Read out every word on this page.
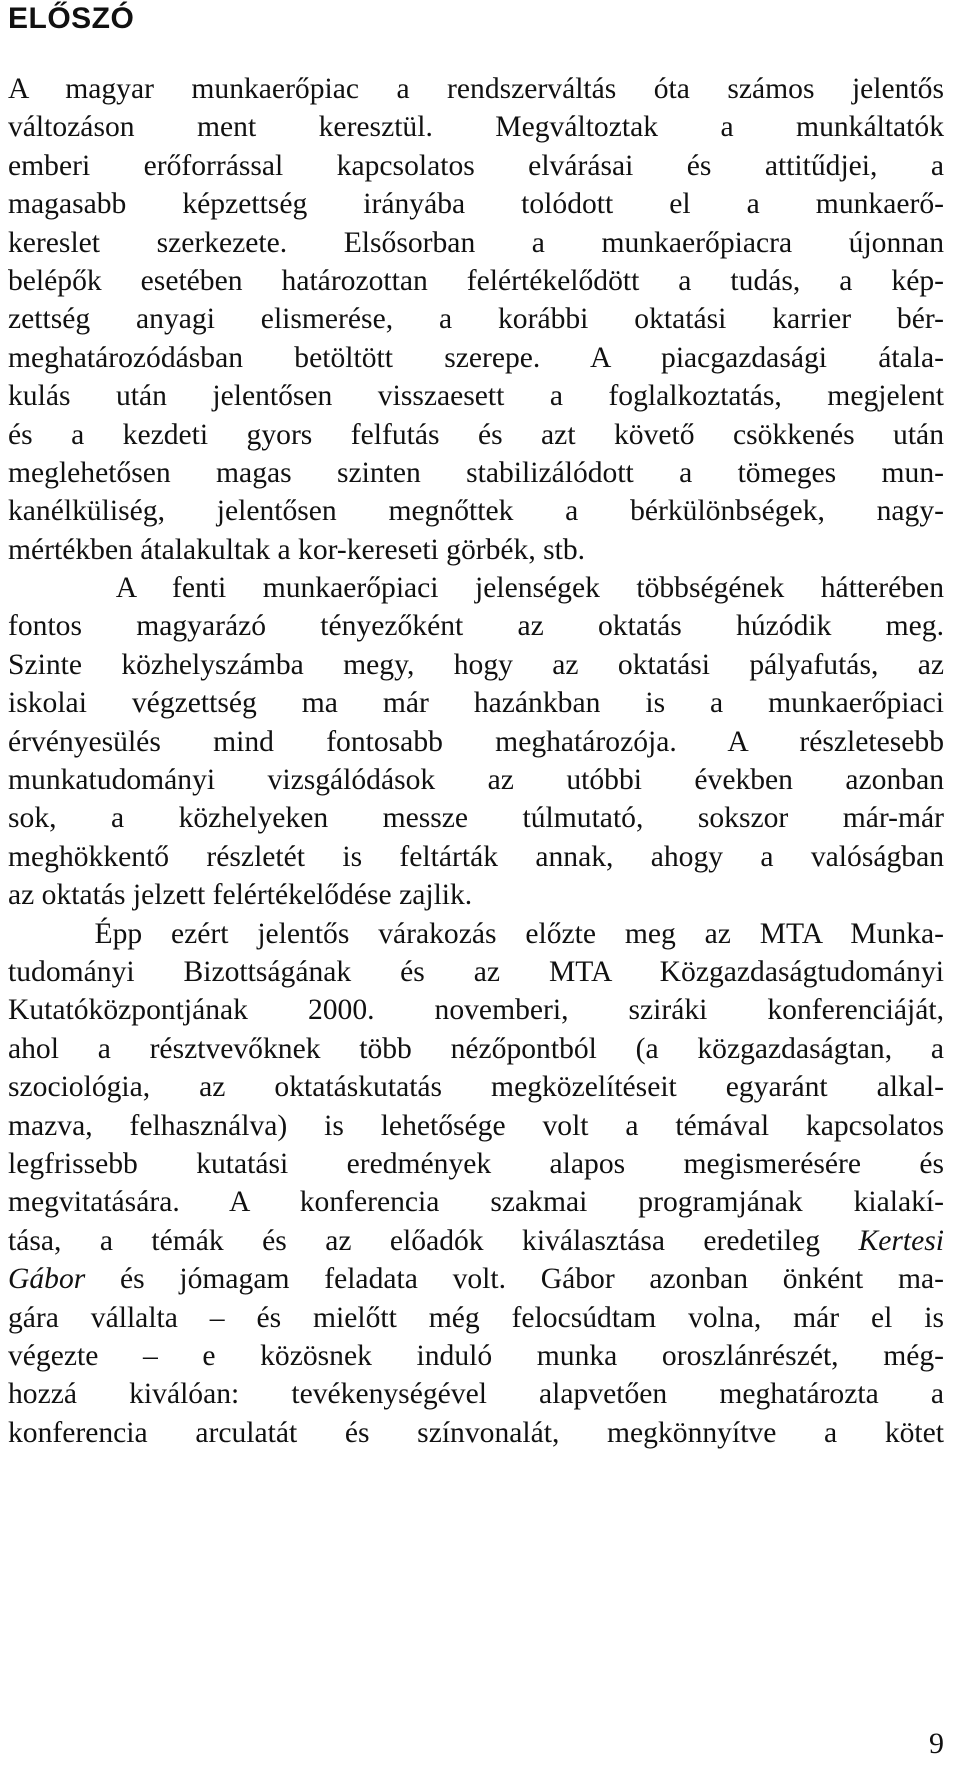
ELŐSZÓ
A magyar munkaerőpiac a rendszerváltás óta számos jelentős
változáson ment keresztül. Megváltoztak a munkáltatók
emberi erőforrással kapcsolatos elvárásai és attitűdjei, a
magasabb képzettség irányába tolódott el a munkaerő-
kereslet szerkezete. Elsősorban a munkaerőpiacra újonnan
belépők esetében határozottan felértékelődött a tudás, a kép-
zettség anyagi elismerése, a korábbi oktatási karrier bér-
meghatározódásban betöltött szerepe. A piacgazdasági átala-
kulás után jelentősen visszaesett a foglalkoztatás, megjelent
és a kezdeti gyors felfutás és azt követő csökkenés után
meglehetősen magas szinten stabilizálódott a tömeges mun-
kanélküliség, jelentősen megnőttek a bérkülönbségek, nagy-
mértékben átalakultak a kor-kereseti görbék, stb.
A fenti munkaerőpiaci jelenségek többségének hátterében
fontos magyarázó tényezőként az oktatás húzódik meg.
Szinte közhelyszámba megy, hogy az oktatási pályafutás, az
iskolai végzettség ma már hazánkban is a munkaerőpiaci
érvényesülés mind fontosabb meghatározója. A részletesebb
munkatudományi vizsgálódások az utóbbi években azonban
sok, a közhelyeken messze túlmutató, sokszor már-már
meghökkentő részletét is feltárták annak, ahogy a valóságban
az oktatás jelzett felértékelődése zajlik.
Épp ezért jelentős várakozás előzte meg az MTA Munka-
tudományi Bizottságának és az MTA Közgazdaságtudományi
Kutatóközpontjának 2000. novemberi, sziráki konferenciáját,
ahol a résztvevőknek több nézőpontból (a közgazdaságtan, a
szociológia, az oktatáskutatás megközelítéseit egyaránt alkal-
mazva, felhasználva) is lehetősége volt a témával kapcsolatos
legfrissebb kutatási eredmények alapos megismerésére és
megvitatására. A konferencia szakmai programjának kialakí-
tása, a témák és az előadók kiválasztása eredetileg Kertesi
Gábor és jómagam feladata volt. Gábor azonban önként ma-
gára vállalta – és mielőtt még felocsúdtam volna, már el is
végezte – e közösnek induló munka oroszlánrészét, még-
hozzá kiválóan: tevékenységével alapvetően meghatározta a
konferencia arculatát és színvonalát, megkönnyítve a kötet
9
